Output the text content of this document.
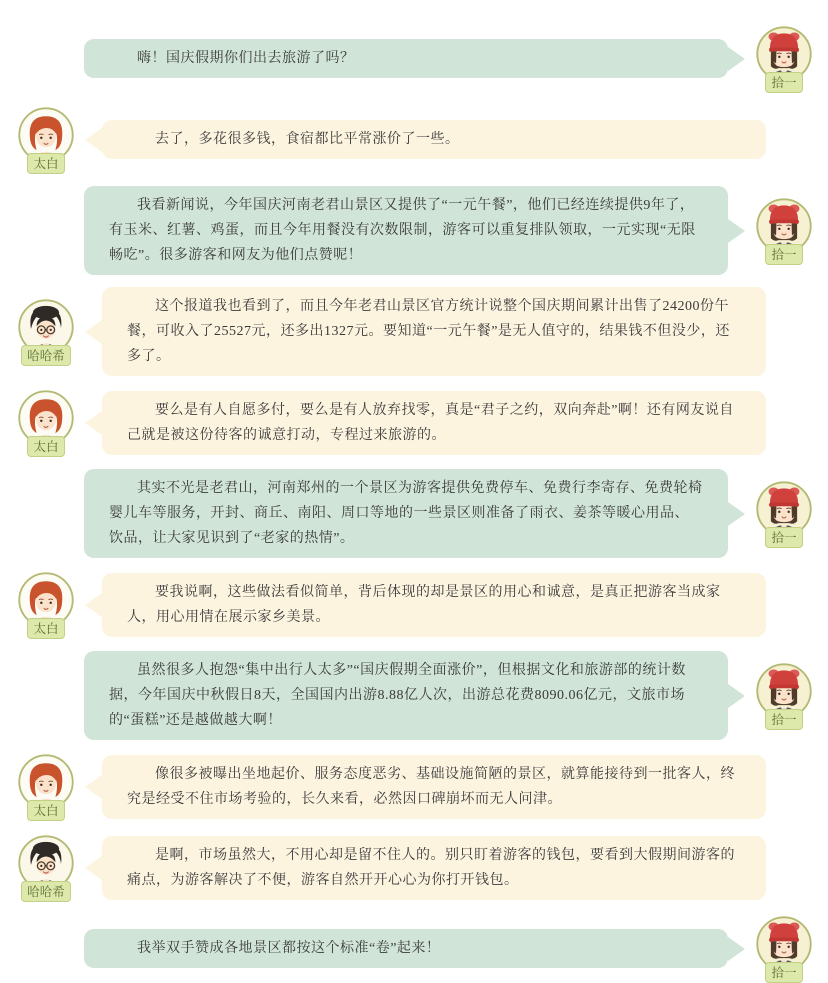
拾一

嗨！国庆假期你们出去旅游了吗？

太白

去了，多花很多钱，食宿都比平常涨价了一些。

拾一

我看新闻说，今年国庆河南老君山景区又提供了“一元午餐”，他们已经连续提供9年了，有玉米、红薯、鸡蛋，而且今年用餐没有次数限制，游客可以重复排队领取，一元实现“无限畅吃”。很多游客和网友为他们点赞呢！

哈哈希

这个报道我也看到了，而且今年老君山景区官方统计说整个国庆期间累计出售了24200份午餐，可收入了25527元，还多出1327元。要知道“一元午餐”是无人值守的，结果钱不但没少，还多了。

太白

要么是有人自愿多付，要么是有人放弃找零，真是“君子之约，双向奔赴”啊！还有网友说自己就是被这份待客的诚意打动，专程过来旅游的。

拾一

其实不光是老君山，河南郑州的一个景区为游客提供免费停车、免费行李寄存、免费轮椅婴儿车等服务，开封、商丘、南阳、周口等地的一些景区则准备了雨衣、姜茶等暖心用品、饮品，让大家见识到了“老家的热情”。

太白

要我说啊，这些做法看似简单，背后体现的却是景区的用心和诚意，是真正把游客当成家人，用心用情在展示家乡美景。

拾一

虽然很多人抱怨“集中出行人太多”“国庆假期全面涨价”，但根据文化和旅游部的统计数据，今年国庆中秋假日8天，全国国内出游8.88亿人次，出游总花费8090.06亿元，文旅市场的“蛋糕”还是越做越大啊！

太白

像很多被曝出坐地起价、服务态度恶劣、基础设施简陋的景区，就算能接待到一批客人，终究是经受不住市场考验的，长久来看，必然因口碑崩坏而无人问津。

哈哈希

是啊，市场虽然大，不用心却是留不住人的。别只盯着游客的钱包，要看到大假期间游客的痛点，为游客解决了不便，游客自然开开心心为你打开钱包。

拾一

我举双手赞成各地景区都按这个标准“卷”起来！
